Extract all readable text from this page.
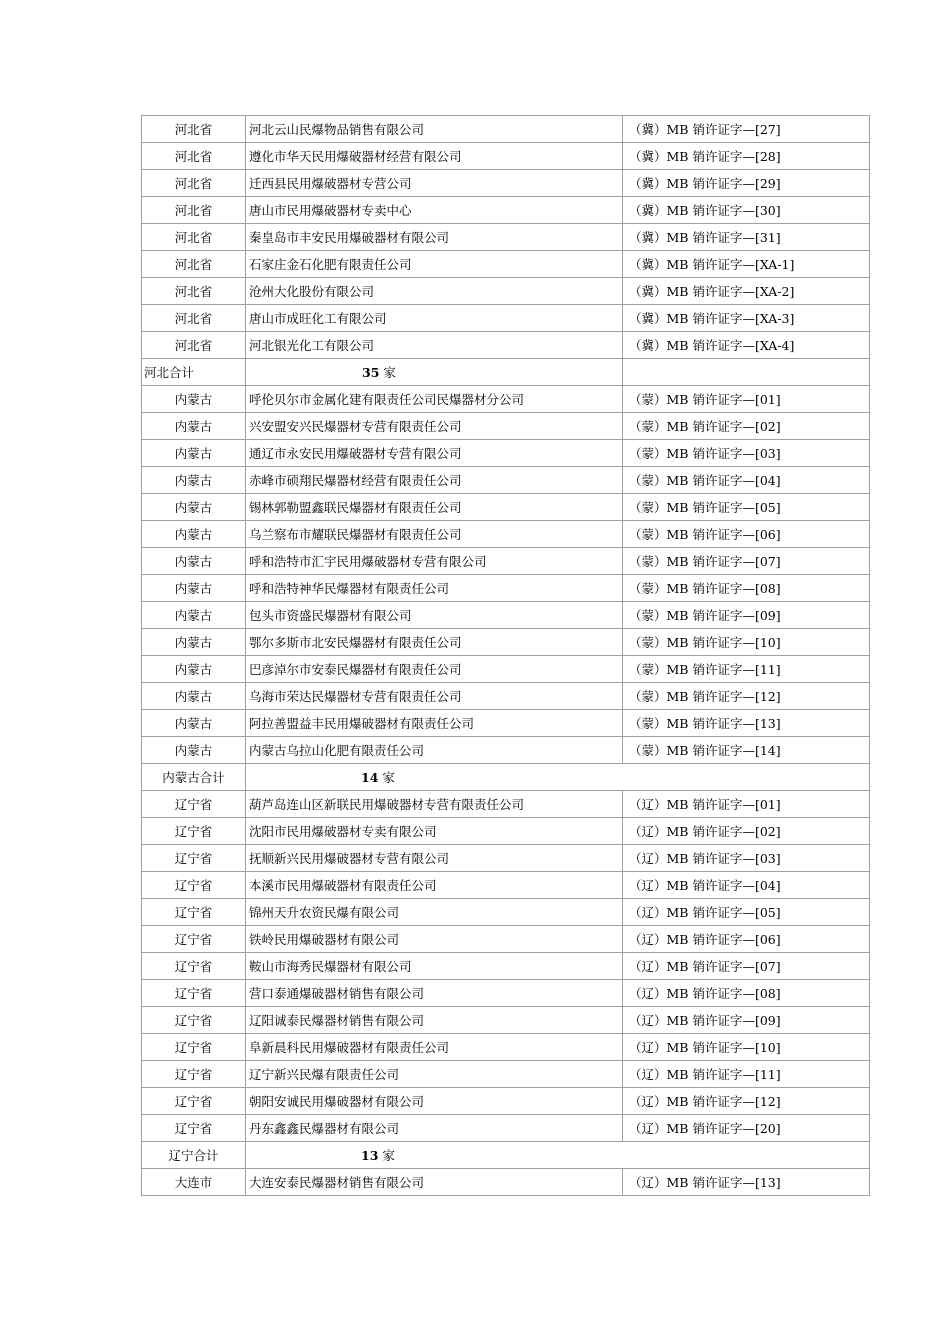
河北省	河北云山民爆物品销售有限公司	（冀）MB 销许证字—[27]
河北省	遵化市华天民用爆破器材经营有限公司	（冀）MB 销许证字—[28]
河北省	迁西县民用爆破器材专营公司	（冀）MB 销许证字—[29]
河北省	唐山市民用爆破器材专卖中心	（冀）MB 销许证字—[30]
河北省	秦皇岛市丰安民用爆破器材有限公司	（冀）MB 销许证字—[31]
河北省	石家庄金石化肥有限责任公司	（冀）MB 销许证字—[XA-1]
河北省	沧州大化股份有限公司	（冀）MB 销许证字—[XA-2]
河北省	唐山市成旺化工有限公司	（冀）MB 销许证字—[XA-3]
河北省	河北银光化工有限公司	（冀）MB 销许证字—[XA-4]
河北合计	35 家	
内蒙古	呼伦贝尔市金属化建有限责任公司民爆器材分公司	（蒙）MB 销许证字—[01]
内蒙古	兴安盟安兴民爆器材专营有限责任公司	（蒙）MB 销许证字—[02]
内蒙古	通辽市永安民用爆破器材专营有限公司	（蒙）MB 销许证字—[03]
内蒙古	赤峰市硕翔民爆器材经营有限责任公司	（蒙）MB 销许证字—[04]
内蒙古	锡林郭勒盟鑫联民爆器材有限责任公司	（蒙）MB 销许证字—[05]
内蒙古	乌兰察布市耀联民爆器材有限责任公司	（蒙）MB 销许证字—[06]
内蒙古	呼和浩特市汇宇民用爆破器材专营有限公司	（蒙）MB 销许证字—[07]
内蒙古	呼和浩特神华民爆器材有限责任公司	（蒙）MB 销许证字—[08]
内蒙古	包头市资盛民爆器材有限公司	（蒙）MB 销许证字—[09]
内蒙古	鄂尔多斯市北安民爆器材有限责任公司	（蒙）MB 销许证字—[10]
内蒙古	巴彦淖尔市安泰民爆器材有限责任公司	（蒙）MB 销许证字—[11]
内蒙古	乌海市荣达民爆器材专营有限责任公司	（蒙）MB 销许证字—[12]
内蒙古	阿拉善盟益丰民用爆破器材有限责任公司	（蒙）MB 销许证字—[13]
内蒙古	内蒙古乌拉山化肥有限责任公司	（蒙）MB 销许证字—[14]
内蒙古合计	14 家	
辽宁省	葫芦岛连山区新联民用爆破器材专营有限责任公司	（辽）MB 销许证字—[01]
辽宁省	沈阳市民用爆破器材专卖有限公司	（辽）MB 销许证字—[02]
辽宁省	抚顺新兴民用爆破器材专营有限公司	（辽）MB 销许证字—[03]
辽宁省	本溪市民用爆破器材有限责任公司	（辽）MB 销许证字—[04]
辽宁省	锦州天升农资民爆有限公司	（辽）MB 销许证字—[05]
辽宁省	铁岭民用爆破器材有限公司	（辽）MB 销许证字—[06]
辽宁省	鞍山市海秀民爆器材有限公司	（辽）MB 销许证字—[07]
辽宁省	营口泰通爆破器材销售有限公司	（辽）MB 销许证字—[08]
辽宁省	辽阳诚泰民爆器材销售有限公司	（辽）MB 销许证字—[09]
辽宁省	阜新晨科民用爆破器材有限责任公司	（辽）MB 销许证字—[10]
辽宁省	辽宁新兴民爆有限责任公司	（辽）MB 销许证字—[11]
辽宁省	朝阳安诚民用爆破器材有限公司	（辽）MB 销许证字—[12]
辽宁省	丹东鑫鑫民爆器材有限公司	（辽）MB 销许证字—[20]
辽宁合计	13 家	
大连市	大连安泰民爆器材销售有限公司	（辽）MB 销许证字—[13]
